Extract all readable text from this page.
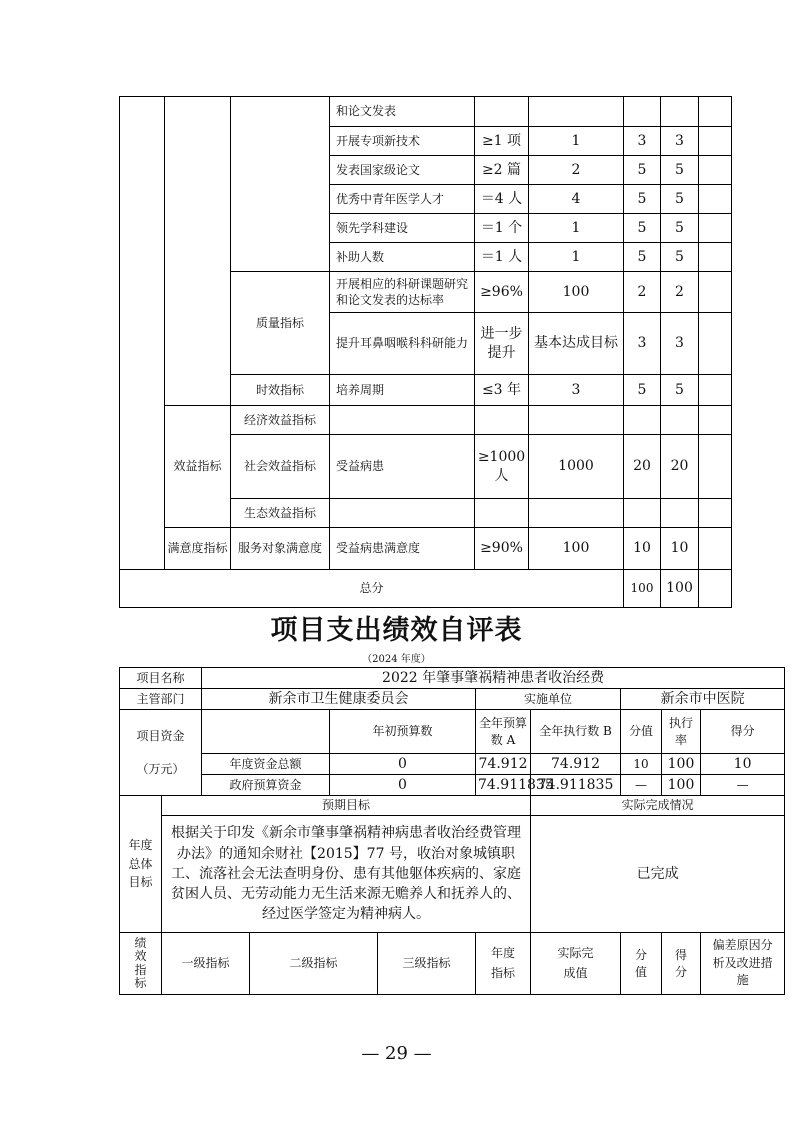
			和论文发表					
			开展专项新技术	≥1 项	1	3	3	
			发表国家级论文	≥2 篇	2	5	5	
			优秀中青年医学人才	＝4 人	4	5	5	
			领先学科建设	＝1 个	1	5	5	
			补助人数	＝1 人	1	5	5	
		质量指标	开展相应的科研课题研究和论文发表的达标率	≥96%	100	2	2	
			提升耳鼻咽喉科科研能力	进一步提升	基本达成目标	3	3	
		时效指标	培养周期	≤3 年	3	5	5	
	效益指标	经济效益指标						
		社会效益指标	受益病患	≥1000人	1000	20	20	
		生态效益指标						
	满意度指标	服务对象满意度	受益病患满意度	≥90%	100	10	10	
总分						100	100	
项目支出绩效自评表
（2024 年度）
项目名称		2022 年肇事肇祸精神患者收治经费								
主管部门		新余市卫生健康委员会				实施单位		新余市中医院		
项目资金

（万元）				年初预算数		全年预算数 A	全年执行数 B	分值	执行率	得分
		年度资金总额		0		74.912	74.912	10	100	10
		政府预算资金		0		74.911835	74.911835	—	100	—

年度总体目标	预期目标						实际完成情况			
	根据关于印发《新余市肇事肇祸精神病患者收治经费管理办法》的通知余财社【2015】77 号，收治对象城镇职工、流落社会无法查明身份、患有其他躯体疾病的、家庭贫困人员、无劳动能力无生活来源无赡养人和抚养人的、经过医学签定为精神病人。						已完成			

绩效指标	一级指标		二级指标		三级指标	年度指标	实际完成值	分值	得分	偏差原因分析及改进措施
— 29 —
